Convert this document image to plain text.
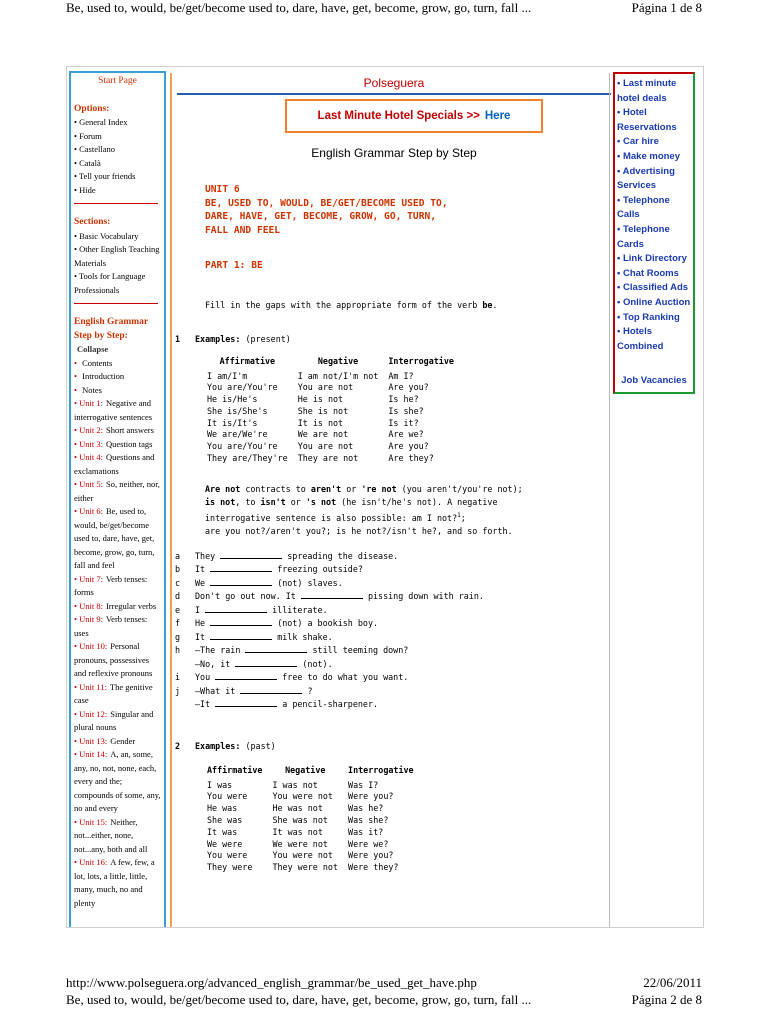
Be, used to, would, be/get/become used to, dare, have, get, become, grow, go, turn, fall ...	Página 1 de 8
Start Page
Options:
• General Index
• Forum
• Castellano
• Català
• Tell your friends
• Hide
Sections:
• Basic Vocabulary
• Other English Teaching Materials
• Tools for Language Professionals
English Grammar Step by Step:
Collapse
• Contents
• Introduction
• Notes
• Unit 1: Negative and interrogative sentences
• Unit 2: Short answers
• Unit 3: Question tags
• Unit 4: Questions and exclamations
• Unit 5: So, neither, nor, either
• Unit 6: Be, used to, would, be/get/become used to, dare, have, get, become, grow, go, turn, fall and feel
• Unit 7: Verb tenses: forms
• Unit 8: Irregular verbs
• Unit 9: Verb tenses: uses
• Unit 10: Personal pronouns, possessives and reflexive pronouns
• Unit 11: The genitive case
• Unit 12: Singular and plural nouns
• Unit 13: Gender
• Unit 14: A, an, some, any, no, not, none, each, every and the; compounds of some, any, no and every
• Unit 15: Neither, not...either, none, not...any, both and all
• Unit 16: A few, few, a lot, lots, a little, little, many, much, no and plenty
Polseguera
Last Minute Hotel Specials >> Here
English Grammar Step by Step
UNIT 6
BE, USED TO, WOULD, BE/GET/BECOME USED TO,
DARE, HAVE, GET, BECOME, GROW, GO, TURN,
FALL AND FEEL
PART 1: BE
Fill in the gaps with the appropriate form of the verb be.
1 Examples: (present)
Affirmative	Negative	Interrogative
I am/I'm	I am not/I'm not	Am I?
You are/You're	You are not	Are you?
He is/He's	He is not	Is he?
She is/She's	She is not	Is she?
It is/It's	It is not	Is it?
We are/We're	We are not	Are we?
You are/You're	You are not	Are you?
They are/They're	They are not	Are they?
Are not contracts to aren't or 're not (you aren't/you're not);
is not, to isn't or 's not (he isn't/he's not). A negative
interrogative sentence is also possible: am I not?$^1$;
are you not?/aren't you?; is he not?/isn't he?, and so forth.
a They	spreading the disease.
b It	freezing outside?
c We	(not) slaves.
d Don't go out now. It	pissing down with rain.
e I	illiterate.
f He	(not) a bookish boy.
g It	milk shake.
h –The rain	still teeming down?
–No, it	(not).
i You	free to do what you want.
j –What it	?
–It	a pencil-sharpener.
2 Examples: (past)
Affirmative	Negative	Interrogative
I was	I was not	Was I?
You were	You were not	Were you?
He was	He was not	Was he?
She was	She was not	Was she?
It was	It was not	Was it?
We were	We were not	Were we?
You were	You were not	Were you?
They were	They were not	Were they?
• Last minute hotel deals
• Hotel Reservations
• Car hire
• Make money
• Advertising Services
• Telephone Calls
• Telephone Cards
• Link Directory
• Chat Rooms
• Classified Ads
• Online Auction
• Top Ranking
• Hotels Combined
Job Vacancies
http://www.polseguera.org/advanced_english_grammar/be_used_get_have.php	22/06/2011
Be, used to, would, be/get/become used to, dare, have, get, become, grow, go, turn, fall ...	Página 2 de 8
